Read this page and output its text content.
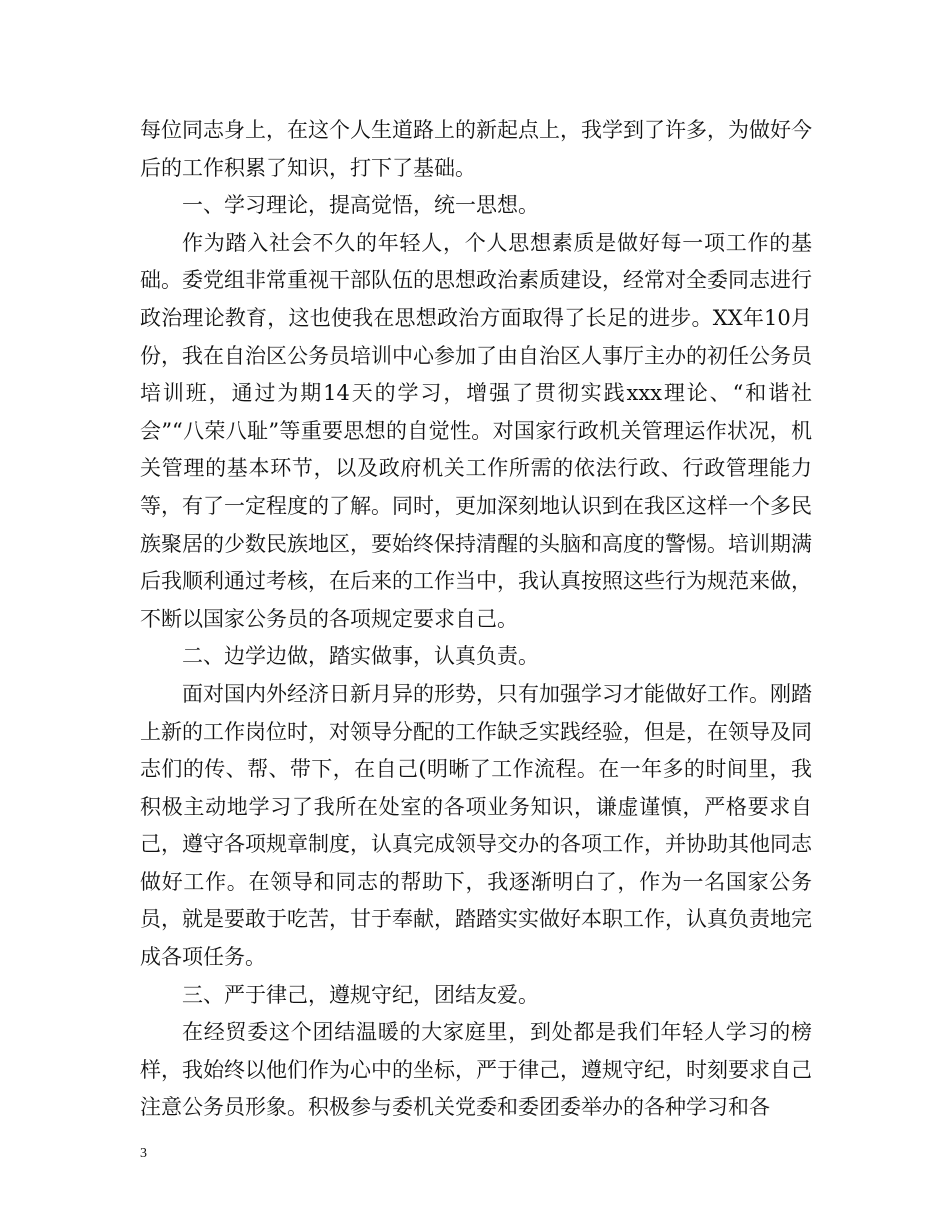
每位同志身上，在这个人生道路上的新起点上，我学到了许多，为做好今后的工作积累了知识，打下了基础。

一、学习理论，提高觉悟，统一思想。

作为踏入社会不久的年轻人，个人思想素质是做好每一项工作的基础。委党组非常重视干部队伍的思想政治素质建设，经常对全委同志进行政治理论教育，这也使我在思想政治方面取得了长足的进步。XX年10月份，我在自治区公务员培训中心参加了由自治区人事厅主办的初任公务员培训班，通过为期14天的学习，增强了贯彻实践xxx理论、“和谐社会”“八荣八耻”等重要思想的自觉性。对国家行政机关管理运作状况，机关管理的基本环节，以及政府机关工作所需的依法行政、行政管理能力等，有了一定程度的了解。同时，更加深刻地认识到在我区这样一个多民族聚居的少数民族地区，要始终保持清醒的头脑和高度的警惕。培训期满后我顺利通过考核，在后来的工作当中，我认真按照这些行为规范来做，不断以国家公务员的各项规定要求自己。

二、边学边做，踏实做事，认真负责。

面对国内外经济日新月异的形势，只有加强学习才能做好工作。刚踏上新的工作岗位时，对领导分配的工作缺乏实践经验，但是，在领导及同志们的传、帮、带下，在自己(明晰了工作流程。在一年多的时间里，我积极主动地学习了我所在处室的各项业务知识，谦虚谨慎，严格要求自己，遵守各项规章制度，认真完成领导交办的各项工作，并协助其他同志做好工作。在领导和同志的帮助下，我逐渐明白了，作为一名国家公务员，就是要敢于吃苦，甘于奉献，踏踏实实做好本职工作，认真负责地完成各项任务。

三、严于律己，遵规守纪，团结友爱。

在经贸委这个团结温暖的大家庭里，到处都是我们年轻人学习的榜样，我始终以他们作为心中的坐标，严于律己，遵规守纪，时刻要求自己注意公务员形象。积极参与委机关党委和委团委举办的各种学习和各

3
